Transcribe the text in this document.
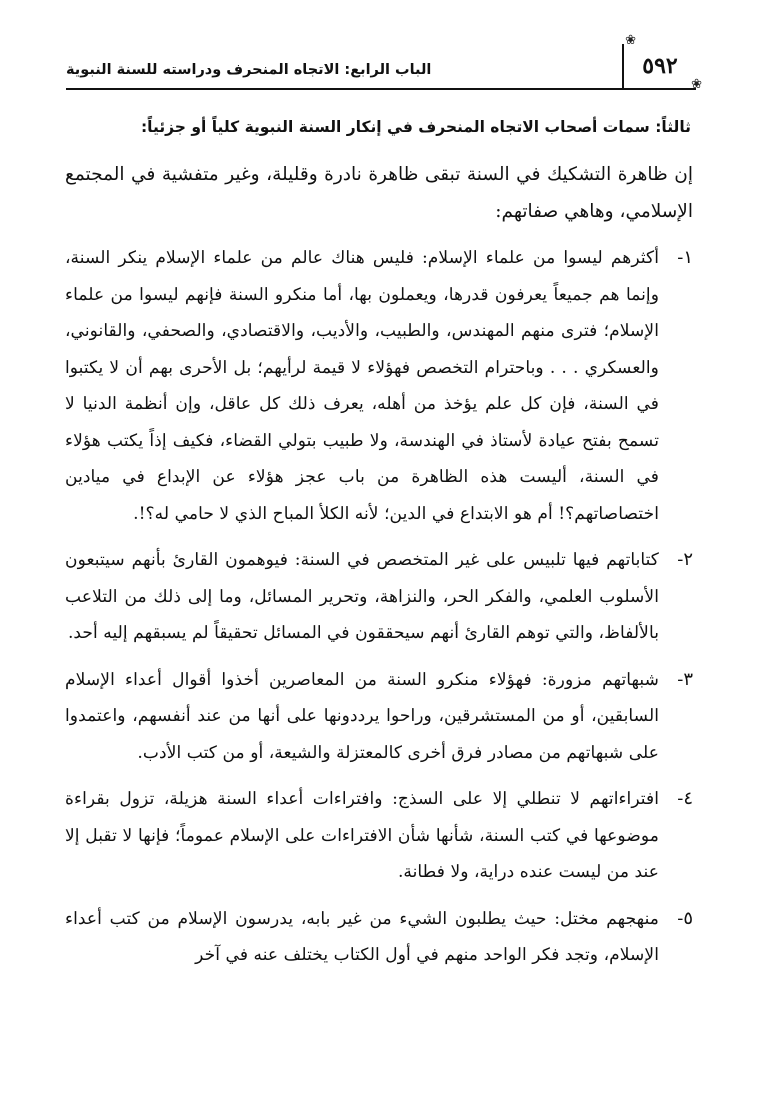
٥٩٢
❀
❀
الباب الرابع: الاتجاه المنحرف ودراسته للسنة النبوية
ثالثاً: سمات أصحاب الاتجاه المنحرف في إنكار السنة النبوية كلياً أو جزئياً:

إن ظاهرة التشكيك في السنة تبقى ظاهرة نادرة وقليلة، وغير متفشية في المجتمع الإسلامي، وهاهي صفاتهم:

١-
أكثرهم ليسوا من علماء الإسلام: فليس هناك عالم من علماء الإسلام ينكر السنة، وإنما هم جميعاً يعرفون قدرها، ويعملون بها، أما منكرو السنة فإنهم ليسوا من علماء الإسلام؛ فترى منهم المهندس، والطبيب، والأديب، والاقتصادي، والصحفي، والقانوني، والعسكري . . . وباحترام التخصص فهؤلاء لا قيمة لرأيهم؛ بل الأحرى بهم أن لا يكتبوا في السنة، فإن كل علم يؤخذ من أهله، يعرف ذلك كل عاقل، وإن أنظمة الدنيا لا تسمح بفتح عيادة لأستاذ في الهندسة، ولا طبيب بتولي القضاء، فكيف إذاً يكتب هؤلاء في السنة، أليست هذه الظاهرة من باب عجز هؤلاء عن الإبداع في ميادين اختصاصاتهم؟! أم هو الابتداع في الدين؛ لأنه الكلأ المباح الذي لا حامي له؟!.
٢-
كتاباتهم فيها تلبيس على غير المتخصص في السنة: فيوهمون القارئ بأنهم سيتبعون الأسلوب العلمي، والفكر الحر، والنزاهة، وتحرير المسائل، وما إلى ذلك من التلاعب بالألفاظ، والتي توهم القارئ أنهم سيحققون في المسائل تحقيقاً لم يسبقهم إليه أحد.
٣-
شبهاتهم مزورة: فهؤلاء منكرو السنة من المعاصرين أخذوا أقوال أعداء الإسلام السابقين، أو من المستشرقين، وراحوا يرددونها على أنها من عند أنفسهم، واعتمدوا على شبهاتهم من مصادر فرق أخرى كالمعتزلة والشيعة، أو من كتب الأدب.
٤-
افتراءاتهم لا تنطلي إلا على السذج: وافتراءات أعداء السنة هزيلة، تزول بقراءة موضوعها في كتب السنة، شأنها شأن الافتراءات على الإسلام عموماً؛ فإنها لا تقبل إلا عند من ليست عنده دراية، ولا فطانة.
٥-
منهجهم مختل: حيث يطلبون الشيء من غير بابه، يدرسون الإسلام من كتب أعداء الإسلام، وتجد فكر الواحد منهم في أول الكتاب يختلف عنه في آخر
